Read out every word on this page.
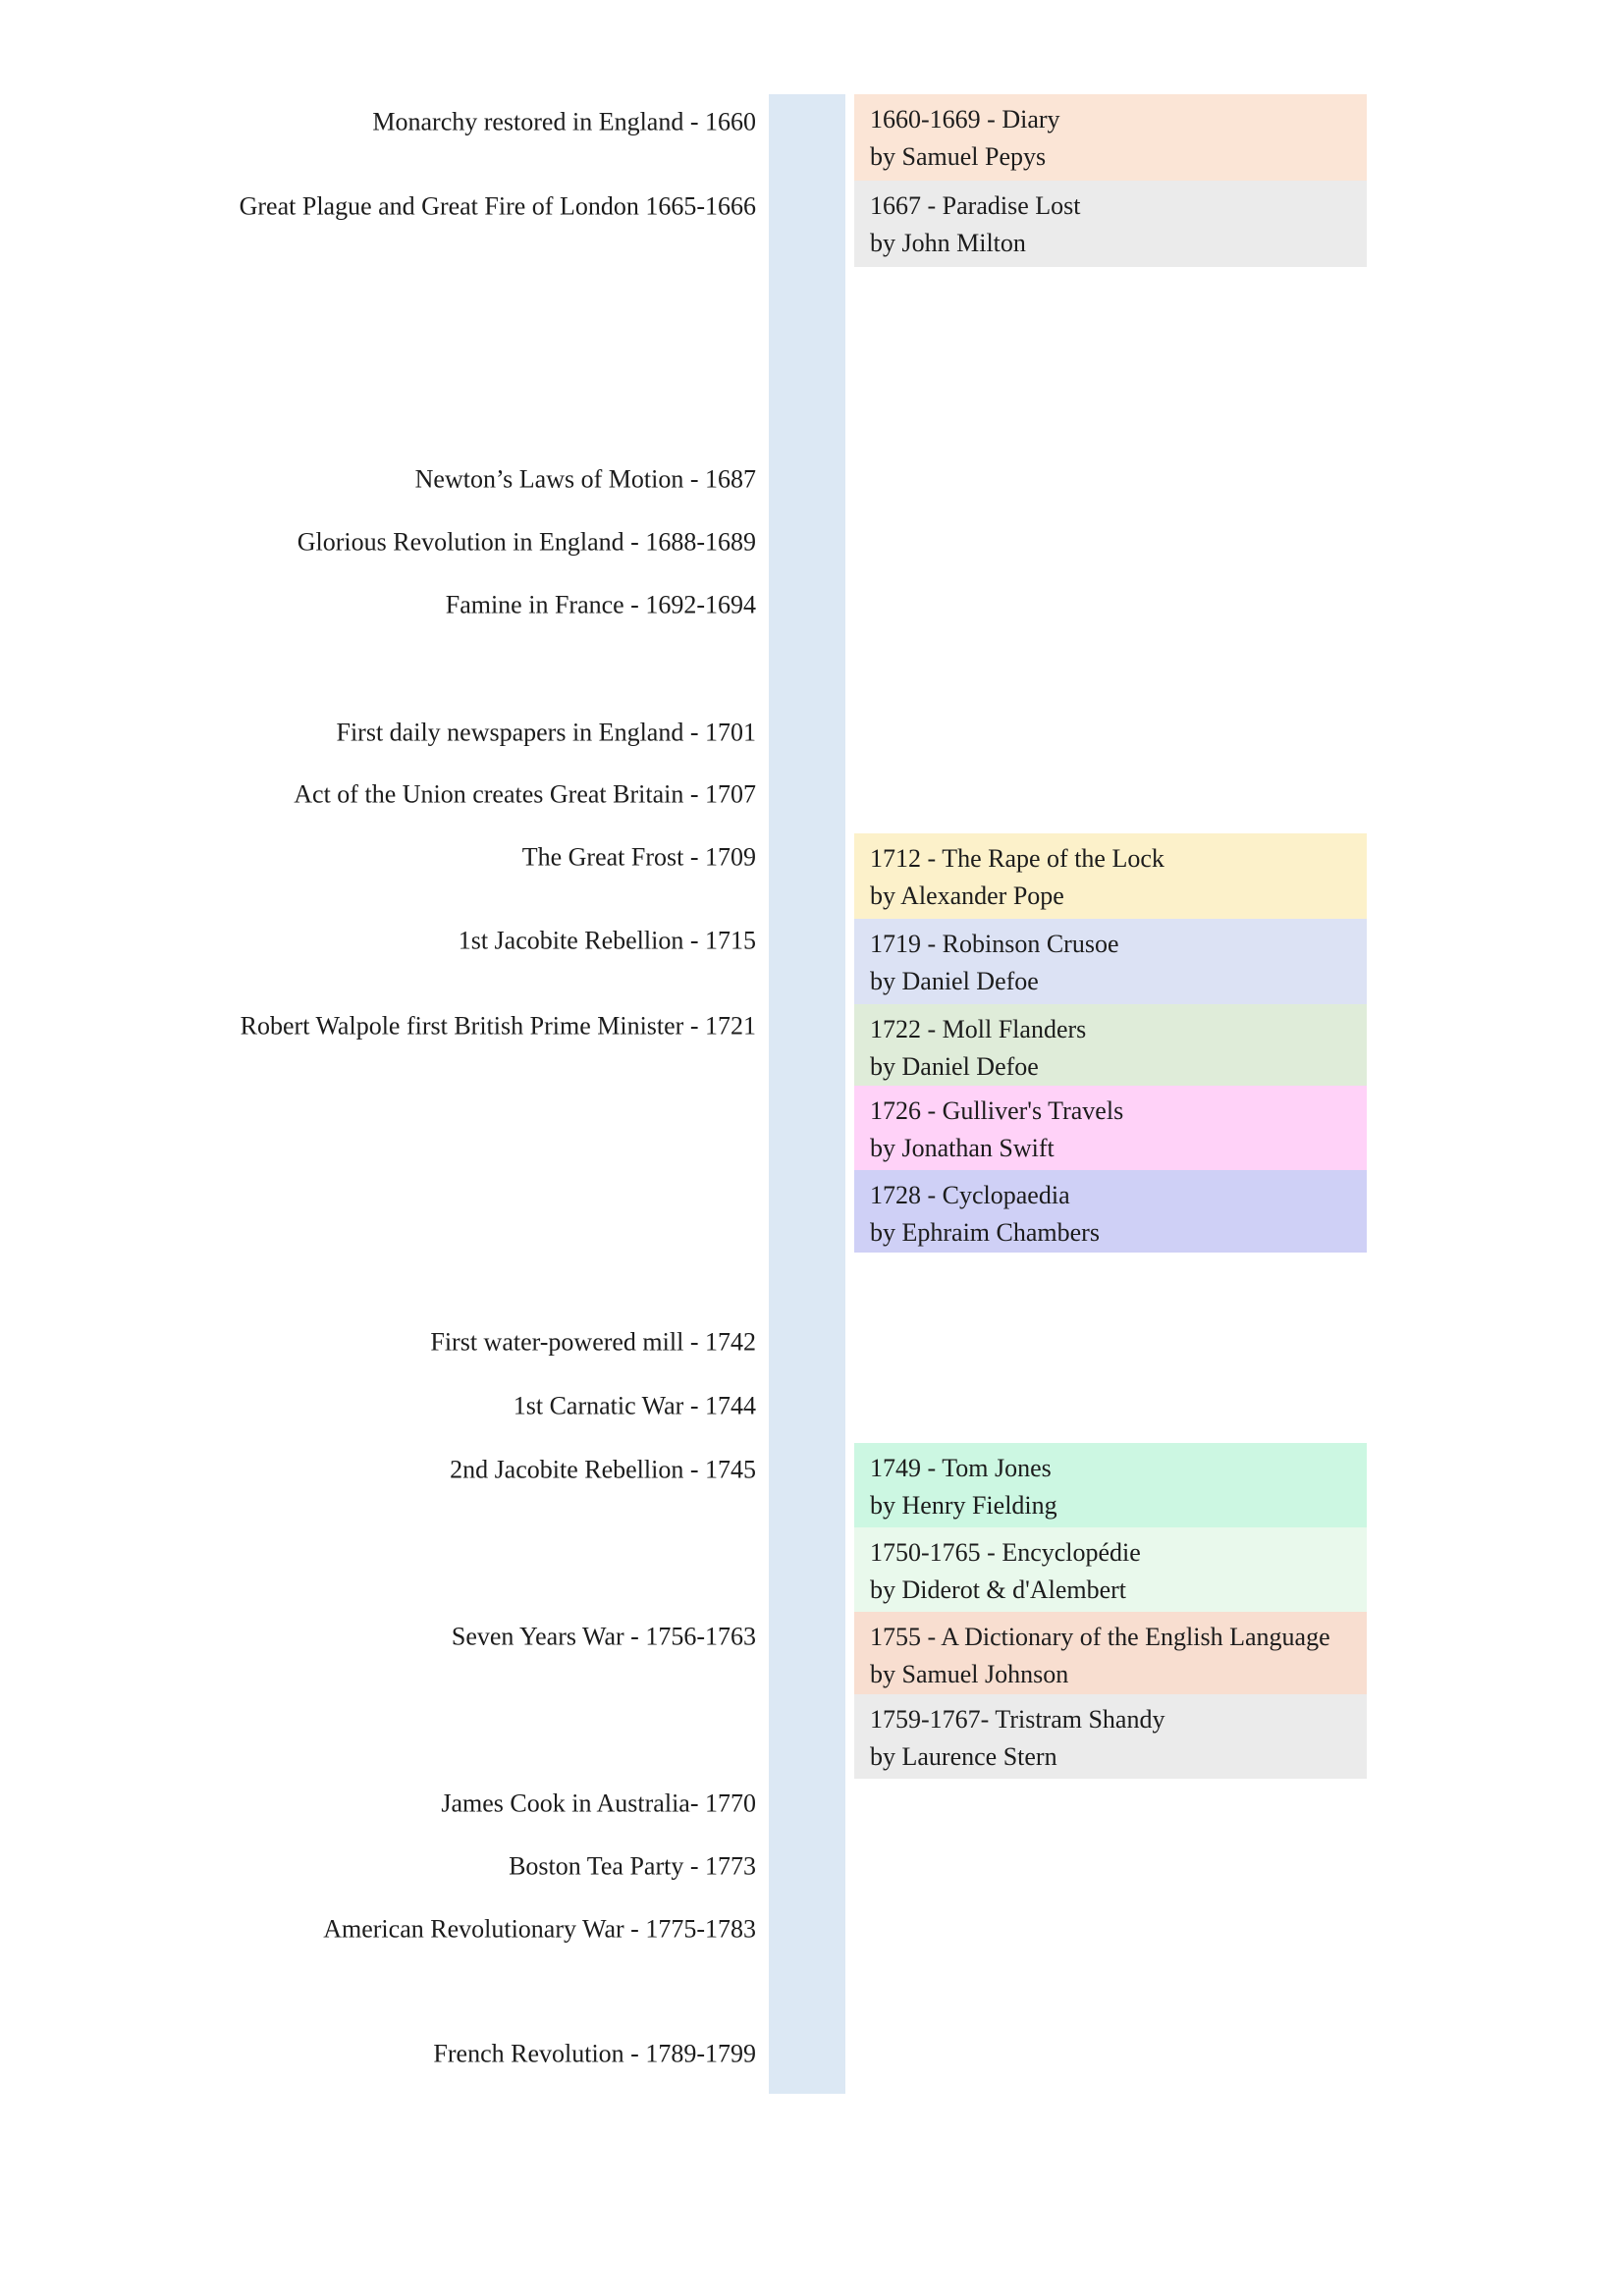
Monarchy restored in England - 1660
Great Plague and Great Fire of London 1665-1666
Newton’s Laws of Motion - 1687
Glorious Revolution in England - 1688-1689
Famine in France - 1692-1694
First daily newspapers in England - 1701
Act of the Union creates Great Britain - 1707
The Great Frost - 1709
1st Jacobite Rebellion - 1715
Robert Walpole first British Prime Minister - 1721
First water-powered mill - 1742
1st Carnatic War - 1744
2nd Jacobite Rebellion - 1745
Seven Years War - 1756-1763
James Cook in Australia- 1770
Boston Tea Party - 1773
American Revolutionary War - 1775-1783
French Revolution - 1789-1799
1660-1669 - Diary
by Samuel Pepys
1667 - Paradise Lost
by John Milton
1712 - The Rape of the Lock
by Alexander Pope
1719 - Robinson Crusoe
by Daniel Defoe
1722 - Moll Flanders
by Daniel Defoe
1726 - Gulliver's Travels
by Jonathan Swift
1728 - Cyclopaedia
by Ephraim Chambers
1749 - Tom Jones
by Henry Fielding
1750-1765 - Encyclopédie
by Diderot & d'Alembert
1755 - A Dictionary of the English Language
by Samuel Johnson
1759-1767- Tristram Shandy
by Laurence Stern
